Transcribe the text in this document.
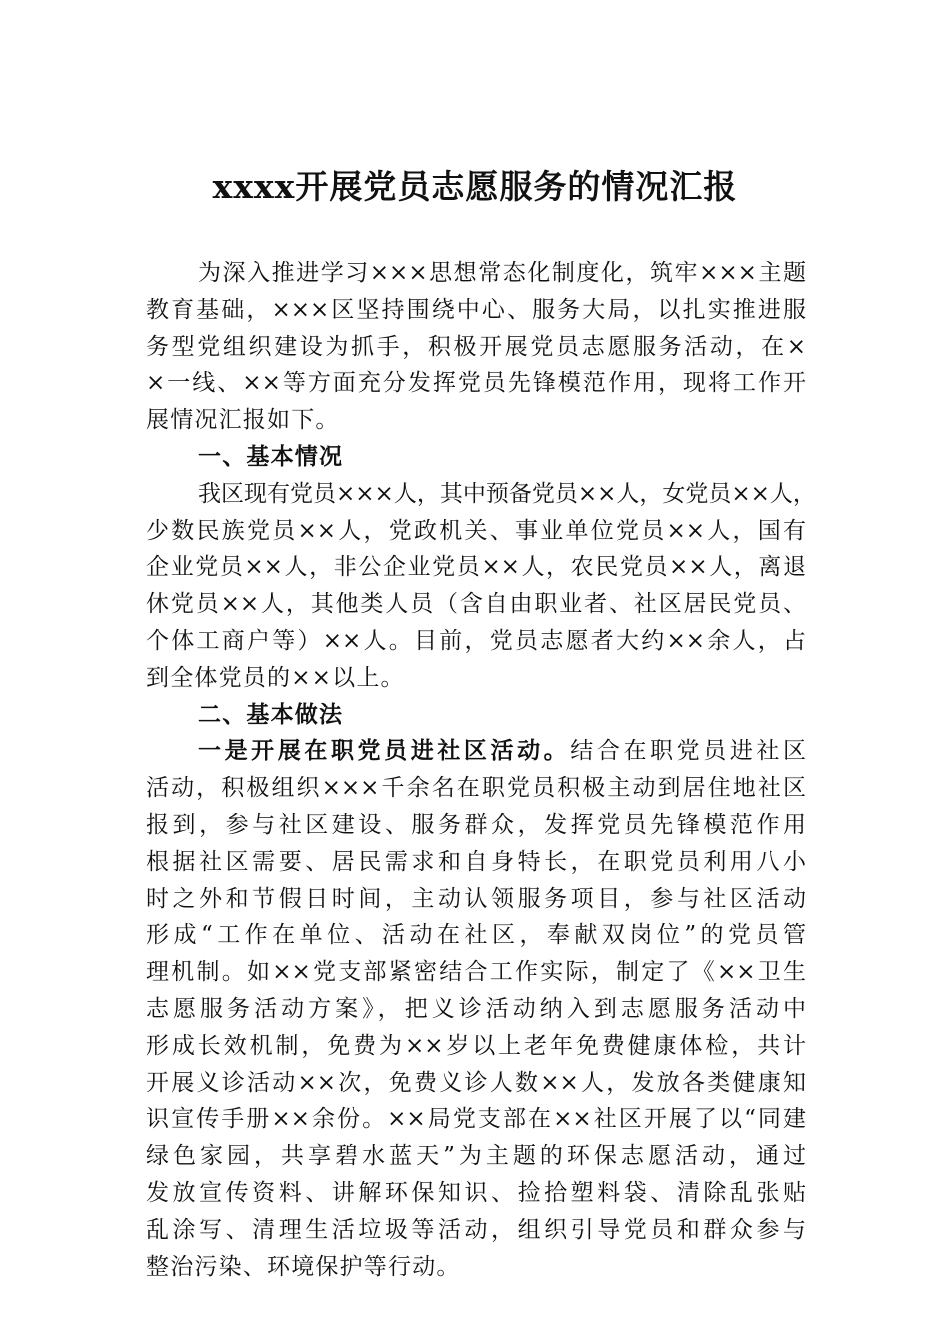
xxxx开展党员志愿服务的情况汇报
为深入推进学习×××思想常态化制度化，筑牢×××主题
教育基础，×××区坚持围绕中心、服务大局，以扎实推进服
务型党组织建设为抓手，积极开展党员志愿服务活动，在×
×一线、××等方面充分发挥党员先锋模范作用，现将工作开
展情况汇报如下。
一、基本情况
我区现有党员×××人，其中预备党员××人，女党员××人，
少数民族党员××人，党政机关、事业单位党员××人，国有
企业党员××人，非公企业党员××人，农民党员××人，离退
休党员××人，其他类人员（含自由职业者、社区居民党员、
个体工商户等）××人。目前，党员志愿者大约××余人，占
到全体党员的××以上。
二、基本做法
一是开展在职党员进社区活动。结合在职党员进社区
活动，积极组织×××千余名在职党员积极主动到居住地社区
报到，参与社区建设、服务群众，发挥党员先锋模范作用
根据社区需要、居民需求和自身特长，在职党员利用八小
时之外和节假日时间，主动认领服务项目，参与社区活动
形成“工作在单位、活动在社区，奉献双岗位”的党员管
理机制。如××党支部紧密结合工作实际，制定了《××卫生
志愿服务活动方案》，把义诊活动纳入到志愿服务活动中
形成长效机制，免费为××岁以上老年免费健康体检，共计
开展义诊活动××次，免费义诊人数××人，发放各类健康知
识宣传手册××余份。××局党支部在××社区开展了以“同建
绿色家园，共享碧水蓝天”为主题的环保志愿活动，通过
发放宣传资料、讲解环保知识、捡拾塑料袋、清除乱张贴
乱涂写、清理生活垃圾等活动，组织引导党员和群众参与
整治污染、环境保护等行动。
